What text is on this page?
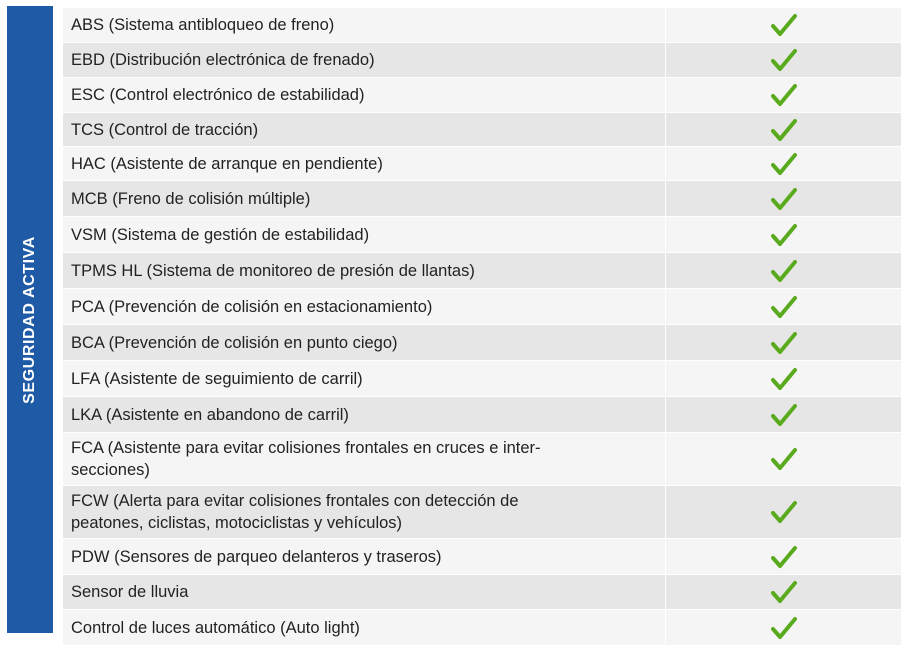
SEGURIDAD ACTIVA
ABS (Sistema antibloqueo de freno)
EBD (Distribución electrónica de frenado)
ESC (Control electrónico de estabilidad)
TCS (Control de tracción)
HAC (Asistente de arranque en pendiente)
MCB (Freno de colisión múltiple)
VSM (Sistema de gestión de estabilidad)
TPMS HL (Sistema de monitoreo de presión de llantas)
PCA (Prevención de colisión en estacionamiento)
BCA (Prevención de colisión en punto ciego)
LFA (Asistente de seguimiento de carril)
LKA (Asistente en abandono de carril)
FCA (Asistente para evitar colisiones frontales en cruces e inter-
secciones)
FCW (Alerta para evitar colisiones frontales con detección de
peatones, ciclistas, motociclistas y vehículos)
PDW (Sensores de parqueo delanteros y traseros)
Sensor de lluvia
Control de luces automático (Auto light)
